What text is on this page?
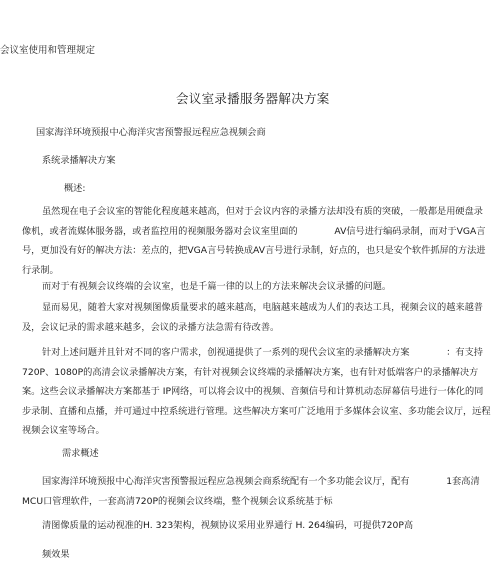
会议室使用和管理规定
会议室录播服务器解决方案
国家海洋环境预报中心海洋灾害预警报远程应急视频会商
系统录播解决方案
概述:
虽然现在电子会议室的智能化程度越来越高，但对于会议内容的录播方法却没有质的突破，一般都是用硬盘录像机，或者流媒体服务器，或者监控用的视频服务器对会议室里面的　　　　AV信号进行编码录制，而对于VGA言号，更加没有好的解决方法：差点的，把VGA言号转换成AV言号进行录制，好点的，也只是安个软件抓屏的方法进行录制。
而对于有视频会议终端的会议室，也是千篇一律的以上的方法来解决会议录播的问题。
显而易见，随着大家对视频图像质量要求的越来越高，电脑越来越成为人们的表达工具，视频会议的越来越普及，会议记录的需求越来越多，会议的录播方法急需有待改善。
针对上述问题并且针对不同的客户需求，创视通提供了一系列的现代会议室的录播解决方案　　　　：有支持720P、1080P的高清会议录播解决方案，有针对视频会议终端的录播解决方案，也有针对低端客户的录播解决方案。这些会议录播解决方案都基于 IP网络，可以将会议中的视频、音频信号和计算机动态屏幕信号进行一体化的同步录制、直播和点播，并可通过中控系统进行管理。这些解决方案可广泛地用于多媒体会议室、多功能会议厅，远程视频会议室等场合。
需求概述
国家海洋环境预报中心海洋灾害预警报远程应急视频会商系统配有一个多功能会议厅，配有　　　　1套高清MCU口管理软件，一套高清720P的视频会议终端，整个视频会议系统基于标
清图像质量的运动视准的H. 323架构，视频协议采用业界通行 H. 264编码，可提供720P高
频效果
